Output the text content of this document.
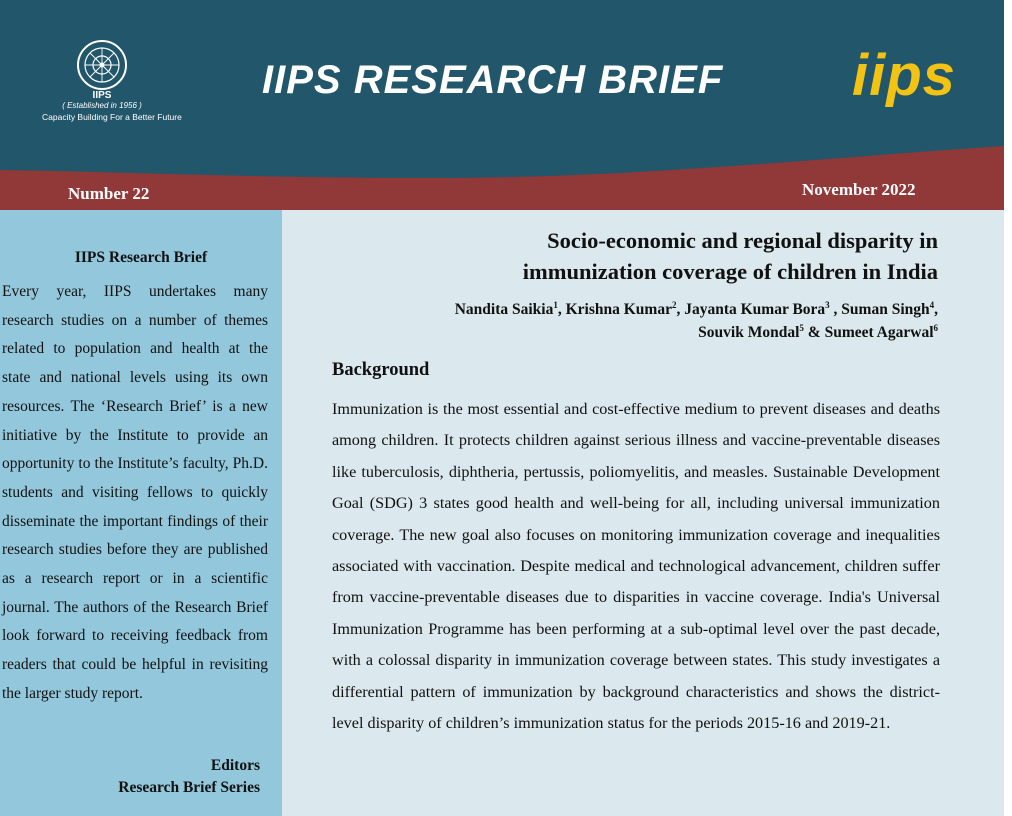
IIPS
( Established in 1956 )
Capacity Building For a Better Future
IIPS RESEARCH BRIEF iips
Number 22	November 2022
IIPS Research Brief

Every year, IIPS undertakes many research studies on a number of themes related to population and health at the state and national levels using its own resources. The ‘Research Brief’ is a new initiative by the Institute to provide an opportunity to the Institute’s faculty, Ph.D. students and visiting fellows to quickly disseminate the important findings of their research studies before they are published as a research report or in a scientific journal. The authors of the Research Brief look forward to receiving feedback from readers that could be helpful in revisiting the larger study report.

Editors
Research Brief Series
Socio-economic and regional disparity in
immunization coverage of children in India
Nandita Saikia$^1$, Krishna Kumar$^2$, Jayanta Kumar Bora$^3$ , Suman Singh$^4$,
Souvik Mondal$^5$ & Sumeet Agarwal$^6$
Background

Immunization is the most essential and cost-effective medium to prevent diseases and deaths among children. It protects children against serious illness and vaccine-preventable diseases like tuberculosis, diphtheria, pertussis, poliomyelitis, and measles. Sustainable Development Goal (SDG) 3 states good health and well-being for all, including universal immunization coverage. The new goal also focuses on monitoring immunization coverage and inequalities associated with vaccination. Despite medical and technological advancement, children suffer from vaccine-preventable diseases due to disparities in vaccine coverage. India's Universal Immunization Programme has been performing at a sub-optimal level over the past decade, with a colossal disparity in immunization coverage between states. This study investigates a differential pattern of immunization by background characteristics and shows the district-level disparity of children’s immunization status for the periods 2015-16 and 2019-21.
